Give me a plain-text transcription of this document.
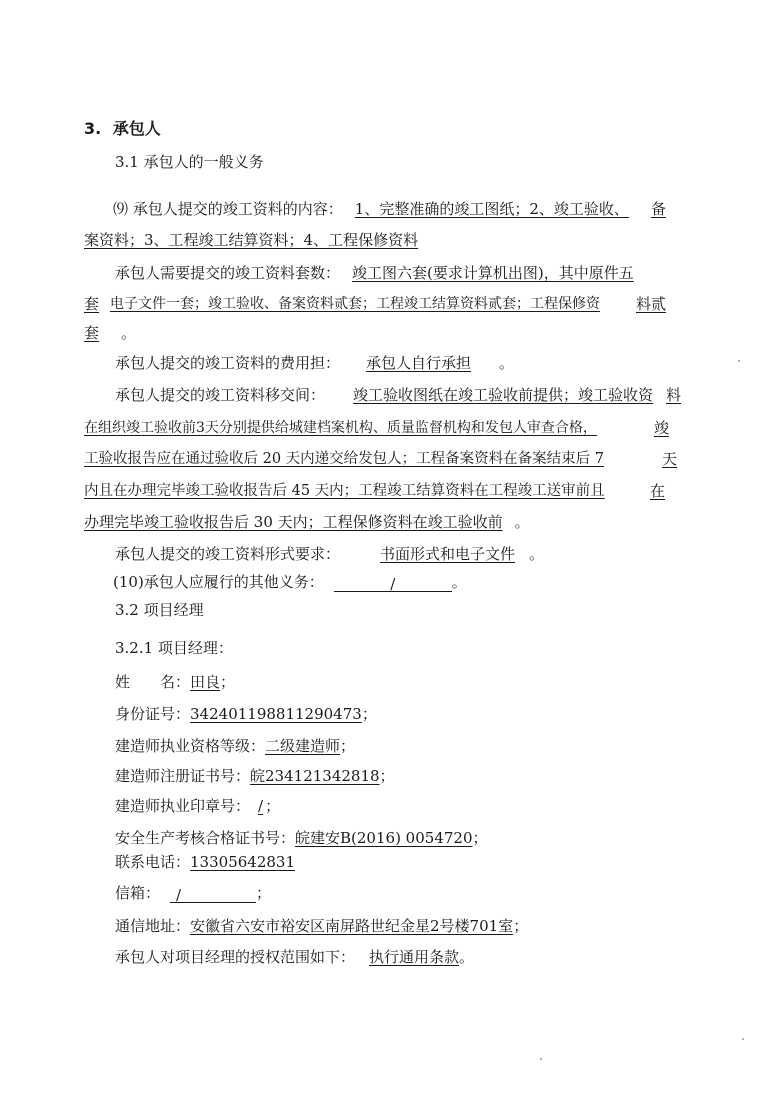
3. 承包人
3.1 承包人的一般义务
⑼ 承包人提交的竣工资料的内容： 1、完整准确的竣工图纸；2、竣工验收、 备
案资料；3、工程竣工结算资料；4、工程保修资料
承包人需要提交的竣工资料套数： 竣工图六套(要求计算机出图)，其中原件五
套 电子文件一套；竣工验收、备案资料贰套；工程竣工结算资料贰套；工程保修资 料贰
套 。
承包人提交的竣工资料的费用担： 承包人自行承担 。
承包人提交的竣工资料移交间： 竣工验收图纸在竣工验收前提供；竣工验收资 料
在组织竣工验收前3天分别提供给城建档案机构、质量监督机构和发包人审查合格，	竣
工验收报告应在通过验收后 20 天内递交给发包人；工程备案资料在备案结束后 7	天
内且在办理完毕竣工验收报告后 45 天内；工程竣工结算资料在工程竣工送审前且	在
办理完毕竣工验收报告后 30 天内；工程保修资料在竣工验收前 。
承包人提交的竣工资料形式要求：	书面形式和电子文件 。
(10)承包人应履行的其他义务：	/	。
3.2 项目经理
3.2.1 项目经理：
姓　　名：田良；
身份证号：342401198811290473；
建造师执业资格等级：二级建造师；
建造师注册证书号：皖234121342818；
建造师执业印章号： / ；
安全生产考核合格证书号：皖建安B(2016) 0054720；
联系电话：13305642831
信箱： /	；
通信地址：安徽省六安市裕安区南屏路世纪金星2号楼701室；
承包人对项目经理的授权范围如下： 执行通用条款。
